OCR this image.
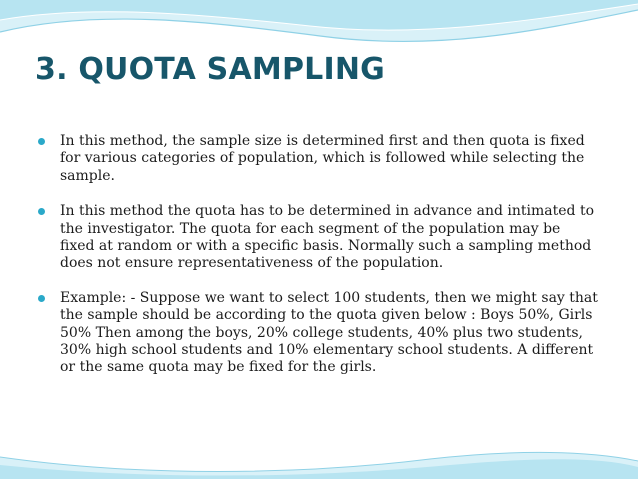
3. QUOTA SAMPLING
In this method, the sample size is determined first and then quota is fixed for various categories of population, which is followed while selecting the sample.
In this method the quota has to be determined in advance and intimated to the investigator. The quota for each segment of the population may be fixed at random or with a specific basis. Normally such a sampling method does not ensure representativeness of the population.
Example: - Suppose we want to select 100 students, then we might say that the sample should be according to the quota given below : Boys 50%, Girls 50% Then among the boys, 20% college students, 40% plus two students, 30% high school students and 10% elementary school students. A different or the same quota may be fixed for the girls.
